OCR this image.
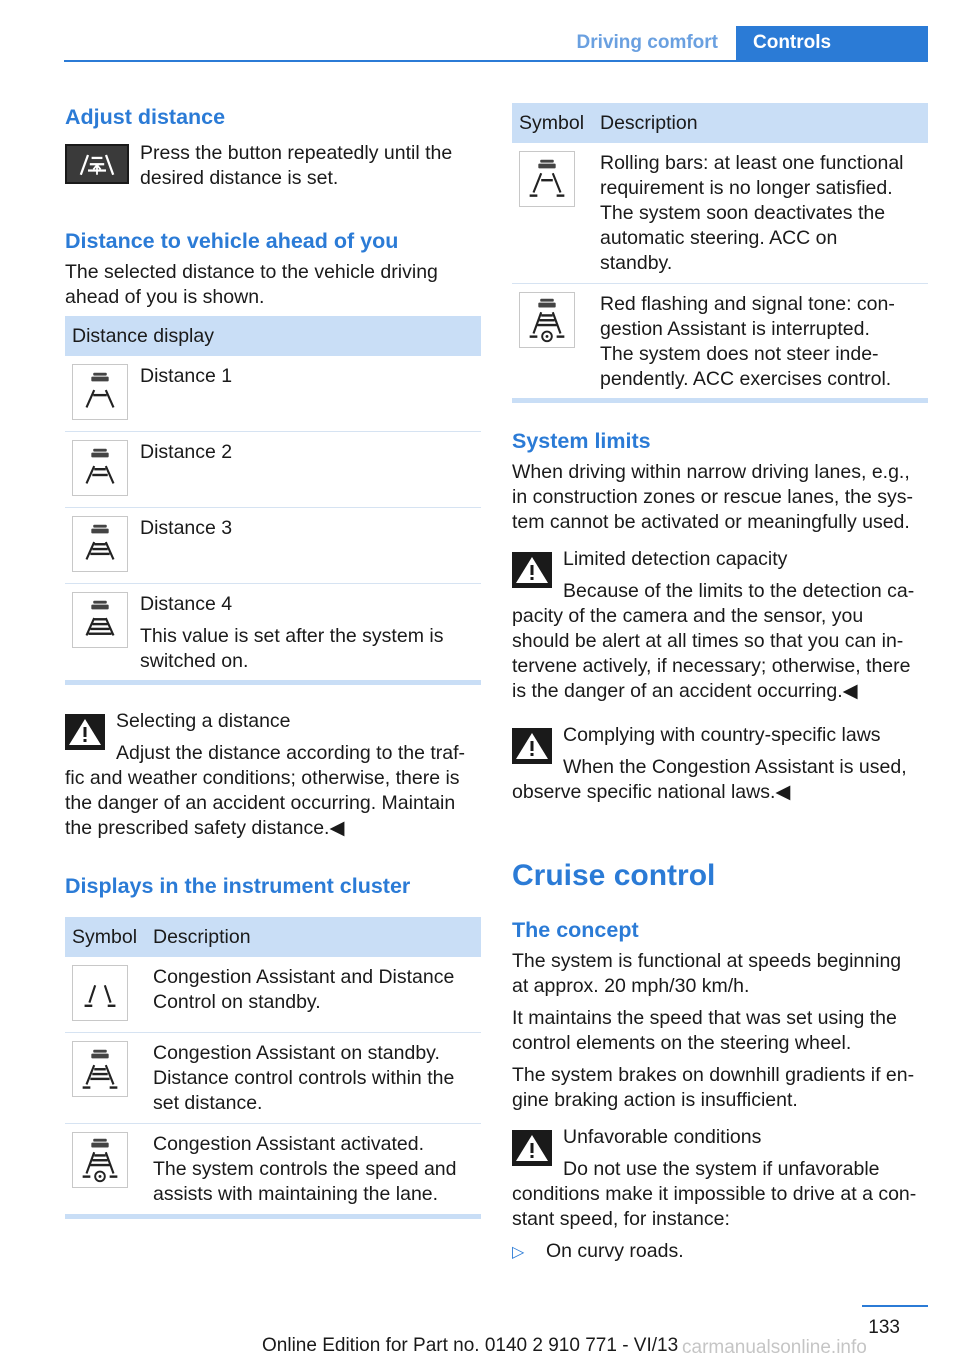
Driving comfort	Controls
Adjust distance
Press the button repeatedly until the
desired distance is set.
Distance to vehicle ahead of you
The selected distance to the vehicle driving
ahead of you is shown.
Distance display
Distance 1
Distance 2
Distance 3
Distance 4
This value is set after the system is
switched on.
Selecting a distance
Adjust the distance according to the traf‐
fic and weather conditions; otherwise, there is
the danger of an accident occurring. Maintain
the prescribed safety distance.◀
Displays in the instrument cluster
Symbol Description
Congestion Assistant and Distance
Control on standby.
Congestion Assistant on standby.
Distance control controls within the
set distance.
Congestion Assistant activated.
The system controls the speed and
assists with maintaining the lane.
Symbol Description
Rolling bars: at least one functional
requirement is no longer satisfied.
The system soon deactivates the
automatic steering. ACC on
standby.
Red flashing and signal tone: con‐
gestion Assistant is interrupted.
The system does not steer inde‐
pendently. ACC exercises control.
System limits
When driving within narrow driving lanes, e.g.,
in construction zones or rescue lanes, the sys‐
tem cannot be activated or meaningfully used.
Limited detection capacity
Because of the limits to the detection ca‐
pacity of the camera and the sensor, you
should be alert at all times so that you can in‐
tervene actively, if necessary; otherwise, there
is the danger of an accident occurring.◀
Complying with country-specific laws
When the Congestion Assistant is used,
observe specific national laws.◀
Cruise control
The concept
The system is functional at speeds beginning
at approx. 20 mph/30 km/h.
It maintains the speed that was set using the
control elements on the steering wheel.
The system brakes on downhill gradients if en‐
gine braking action is insufficient.
Unfavorable conditions
Do not use the system if unfavorable
conditions make it impossible to drive at a con‐
stant speed, for instance:
▷ On curvy roads.
133
Online Edition for Part no. 0140 2 910 771 - VI/13 carmanualsonline.info
